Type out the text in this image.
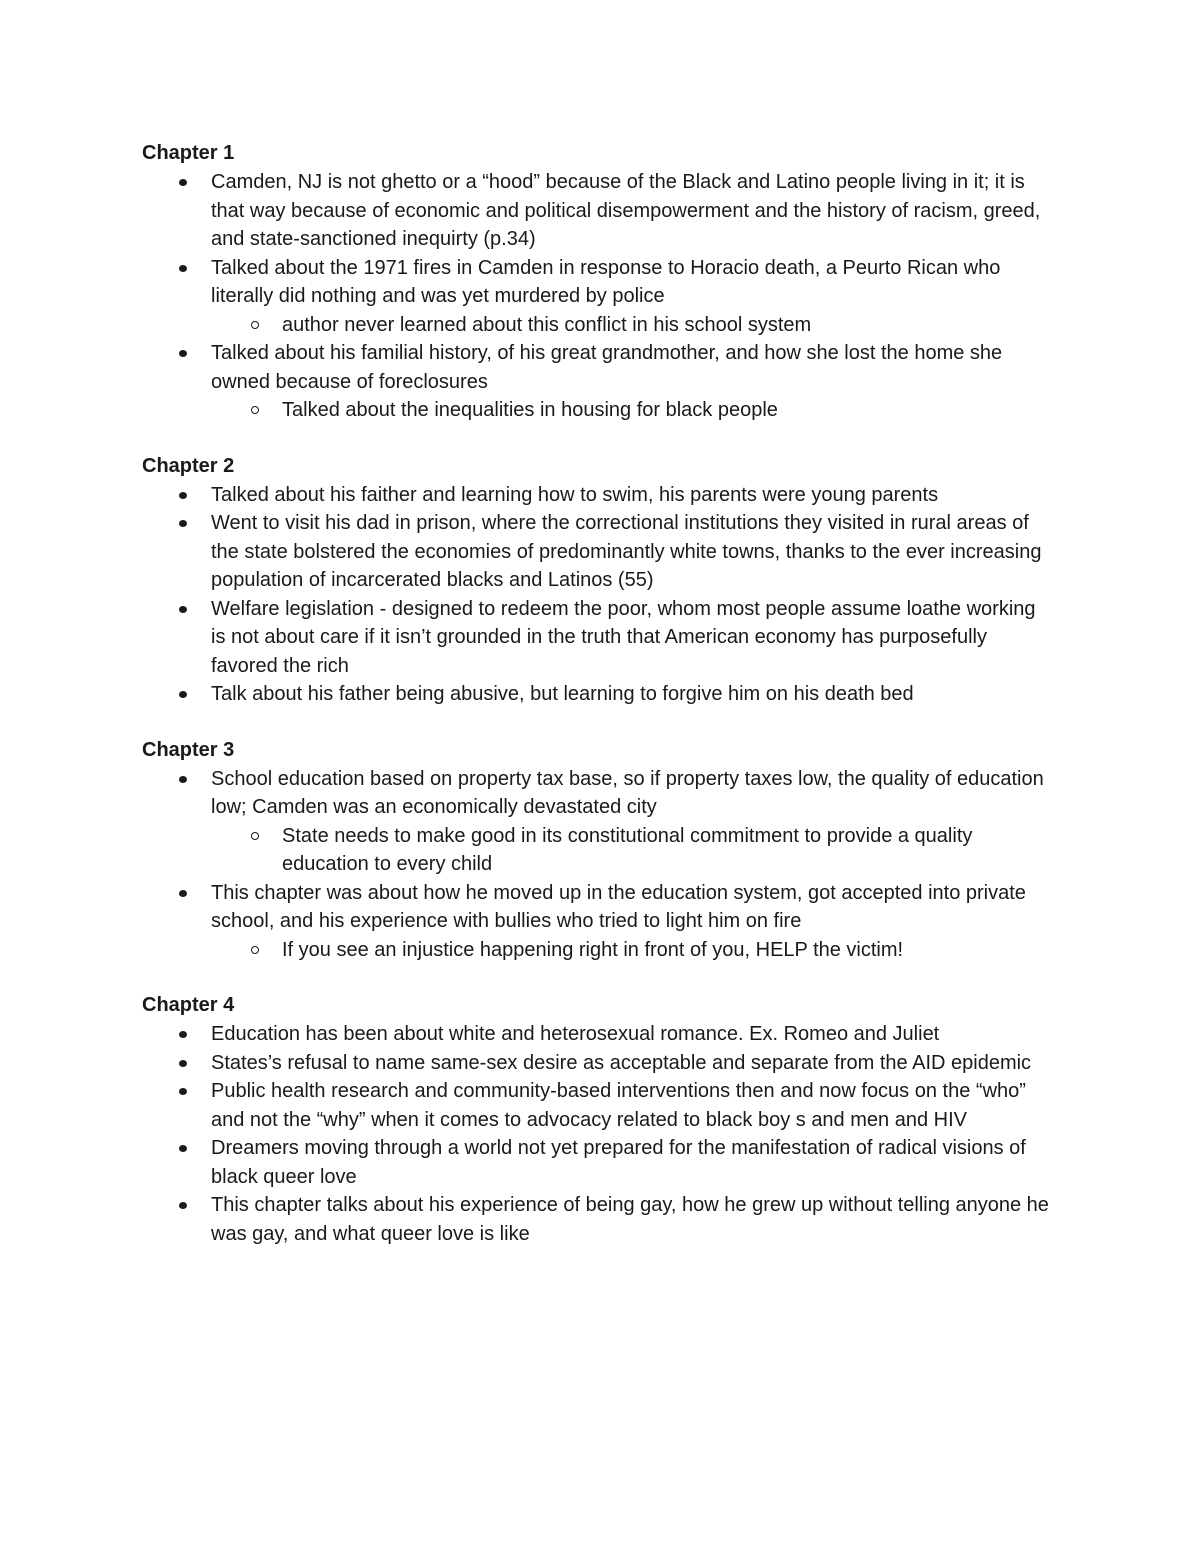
Chapter 1
Camden, NJ is not ghetto or a “hood” because of the Black and Latino people living in it; it is that way because of economic and political disempowerment and the history of racism, greed, and state-sanctioned inequirty (p.34)
Talked about the 1971 fires in Camden in response to Horacio death, a Peurto Rican who literally did nothing and was yet murdered by police
author never learned about this conflict in his school system
Talked about his familial history, of his great grandmother, and how she lost the home she owned because of foreclosures
Talked about the inequalities in housing for black people
Chapter 2
Talked about his faither and learning how to swim, his parents were young parents
Went to visit his dad in prison, where the correctional institutions they visited in rural areas of the state bolstered the economies of predominantly white towns, thanks to the ever increasing population of incarcerated blacks and Latinos (55)
Welfare legislation - designed to redeem the poor, whom most people assume loathe working is not about care if it isn’t grounded in the truth that American economy has purposefully favored the rich
Talk about his father being abusive, but learning to forgive him on his death bed
Chapter 3
School education based on property tax base, so if property taxes low, the quality of education low; Camden was an economically devastated city
State needs to make good in its constitutional commitment to provide a quality education to every child
This chapter was about how he moved up in the education system, got accepted into private school, and his experience with bullies who tried to light him on fire
If you see an injustice happening right in front of you, HELP the victim!
Chapter 4
Education has been about white and heterosexual romance. Ex. Romeo and Juliet
States’s refusal to name same-sex desire as acceptable and separate from the AID epidemic
Public health research and community-based interventions then and now focus on the “who” and not the “why” when it comes to advocacy related to black boy s and men and HIV
Dreamers moving through a world not yet prepared for the manifestation of radical visions of black queer love
This chapter talks about his experience of being gay, how he grew up without telling anyone he was gay, and what queer love is like
